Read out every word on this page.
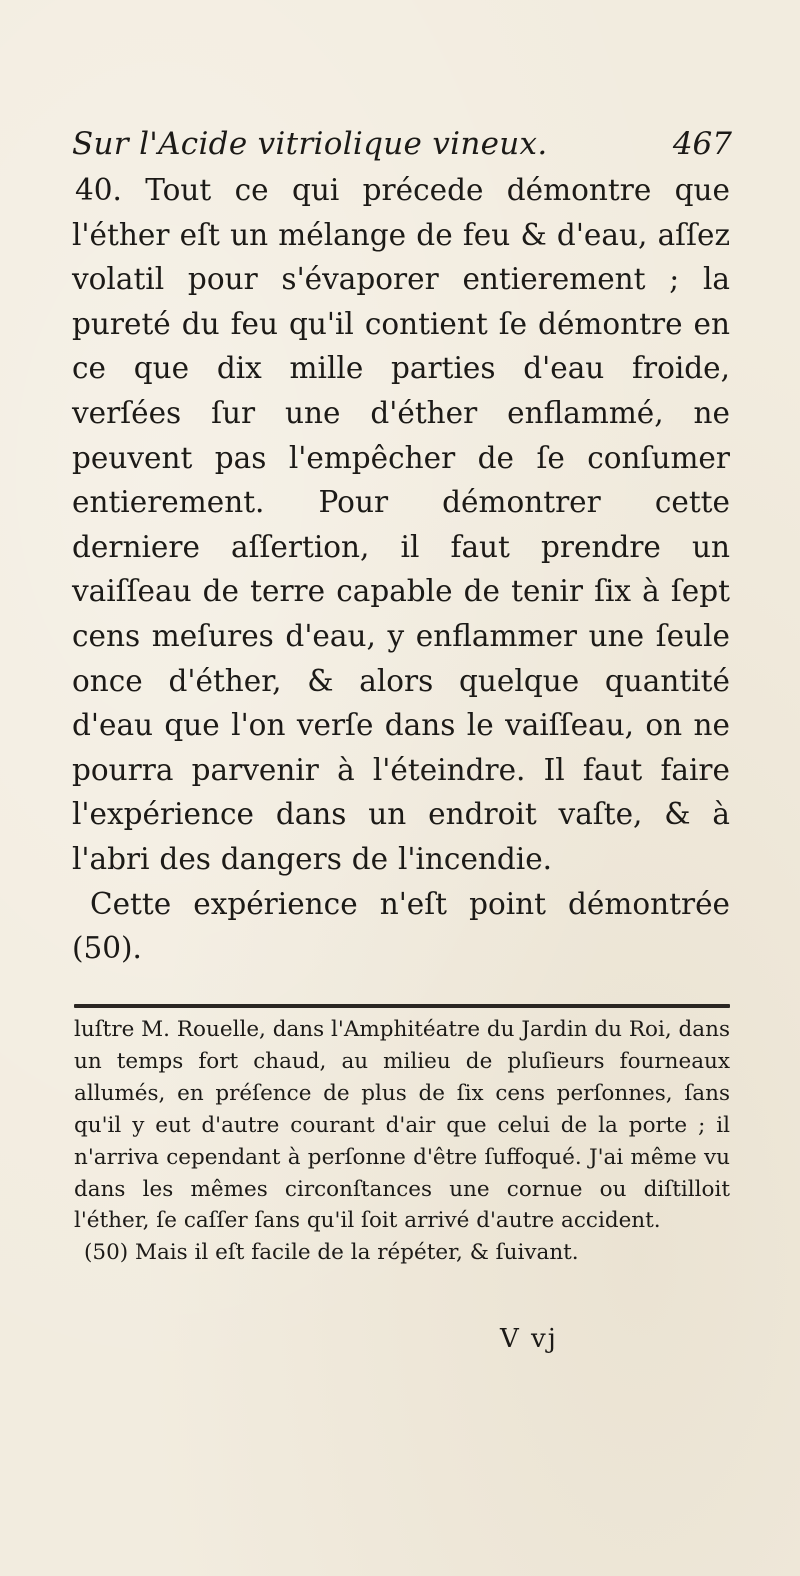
Sur l'Acide vitriolique vineux.	467

40. Tout ce qui précede démontre que l'éther eſt un mélange de feu & d'eau, aſſez volatil pour s'évaporer entierement ; la pureté du feu qu'il contient ſe démontre en ce que dix mille parties d'eau froide, verſées ſur une d'éther enflammé, ne peuvent pas l'empêcher de ſe conſumer entierement. Pour démontrer cette derniere aſſertion, il faut prendre un vaiſſeau de terre capable de tenir ſix à ſept cens meſures d'eau, y enflammer une ſeule once d'éther, & alors quelque quantité d'eau que l'on verſe dans le vaiſſeau, on ne pourra parvenir à l'éteindre. Il faut faire l'expérience dans un endroit vaſte, & à l'abri des dangers de l'incendie.

Cette expérience n'eſt point démontrée (50).

luſtre M. Rouelle, dans l'Amphitéatre du Jardin du Roi, dans un temps fort chaud, au milieu de pluſieurs fourneaux allumés, en préſence de plus de ſix cens perſonnes, ſans qu'il y eut d'autre courant d'air que celui de la porte ; il n'arriva cependant à perſonne d'être ſuffoqué. J'ai même vu dans les mêmes circonſtances une cornue ou diſtilloit l'éther, ſe caſſer ſans qu'il ſoit arrivé d'autre accident.

(50) Mais il eſt facile de la répéter, & ſuivant.

V vj
